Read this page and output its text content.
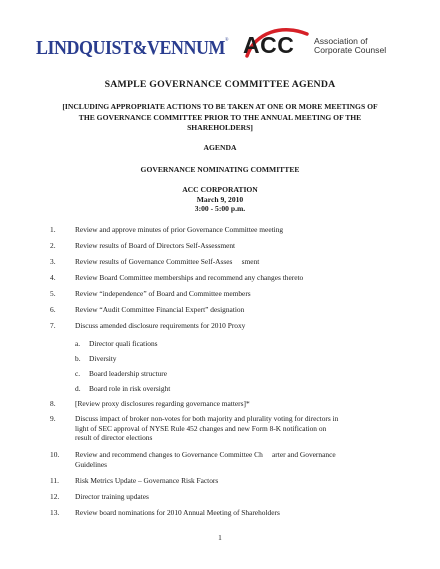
LINDQUIST&VENNUM® ACC Association of
Corporate Counsel
SAMPLE GOVERNANCE COMMITTEE AGENDA
[INCLUDING APPROPRIATE ACTIONS TO BE TAKEN AT ONE OR MORE MEETINGS OF
THE GOVERNANCE COMMITTEE PRIOR TO THE ANNUAL MEETING OF THE
SHAREHOLDERS]
AGENDA
GOVERNANCE NOMINATING COMMITTEE
ACC CORPORATION
March 9, 2010
3:00 - 5:00 p.m.
1.	Review and approve minutes of prior Governance Committee meeting
2.	Review results of Board of Directors Self-Assessment
3.	Review results of Governance Committee Self-Asses     sment
4.	Review Board Committee memberships and recommend any changes thereto
5.	Review “independence” of Board and Committee members
6.	Review “Audit Committee Financial Expert” designation
7.	Discuss amended disclosure requirements for 2010 Proxy
a. Director quali fications
b. Diversity
c. Board leadership structure
d. Board role in risk oversight
8.	[Review proxy disclosures regarding governance matters]*
9.	Discuss impact of broker non-votes for both majority and plurality voting for directors in
light of SEC approval of NYSE Rule 452 changes and new Form 8-K notification on
result of director elections
10. Review and recommend changes to Governance Committee Ch     arter and Governance
Guidelines
11. Risk Metrics Update – Governance Risk Factors
12. Director training updates
13. Review board nominations for 2010 Annual Meeting of Shareholders
1
